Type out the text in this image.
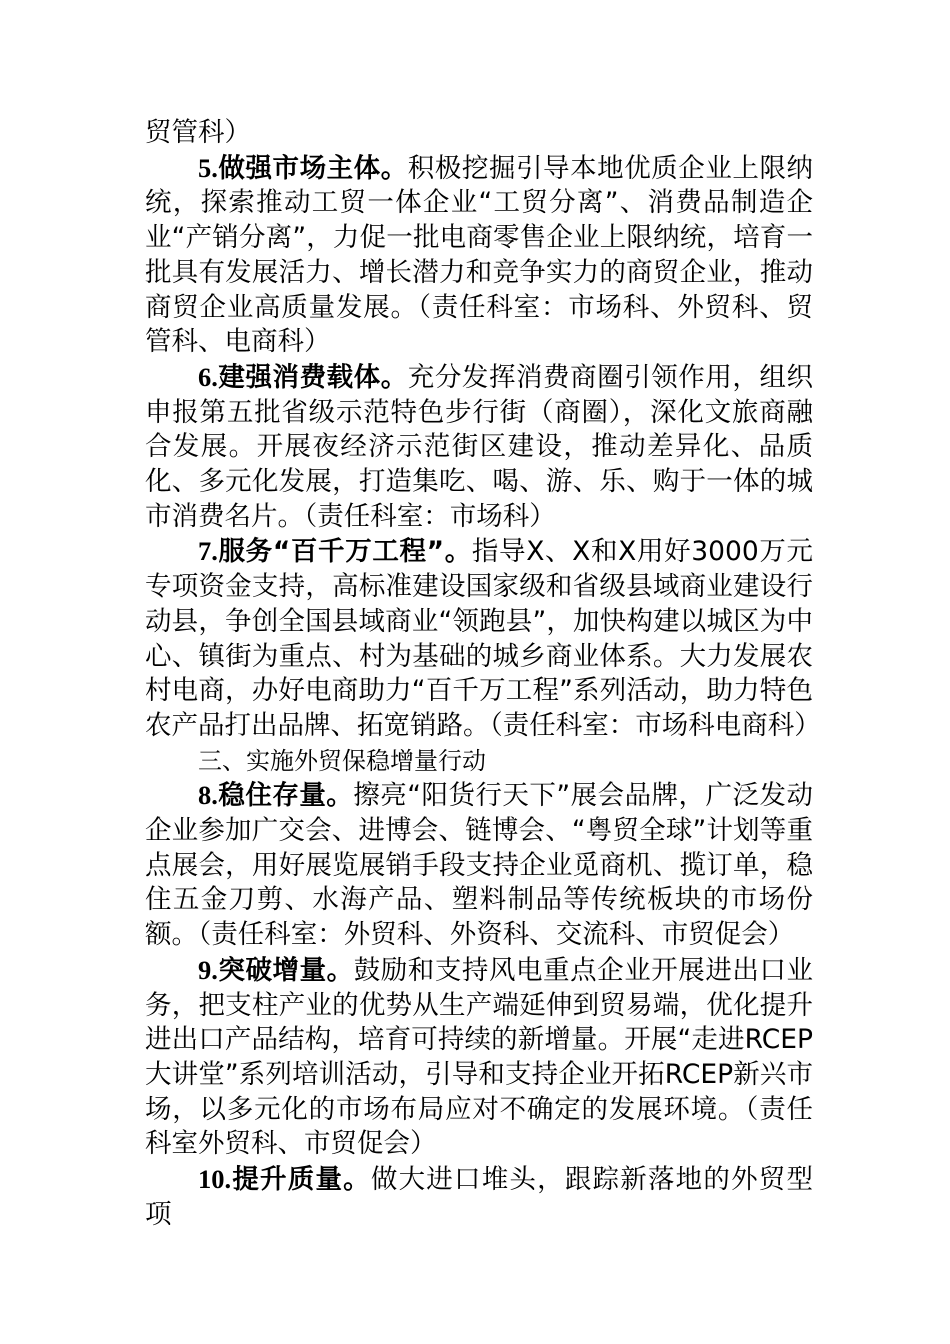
贸管科）

5.做强市场主体。积极挖掘引导本地优质企业上限纳统，探索推动工贸一体企业“工贸分离”、消费品制造企业“产销分离”，力促一批电商零售企业上限纳统，培育一批具有发展活力、增长潜力和竞争实力的商贸企业，推动商贸企业高质量发展。（责任科室：市场科、外贸科、贸管科、电商科）

6.建强消费载体。充分发挥消费商圈引领作用，组织申报第五批省级示范特色步行街（商圈），深化文旅商融合发展。开展夜经济示范街区建设，推动差异化、品质化、多元化发展，打造集吃、喝、游、乐、购于一体的城市消费名片。（责任科室：市场科）

7.服务“百千万工程”。指导X、X和X用好3000万元专项资金支持，高标准建设国家级和省级县域商业建设行动县，争创全国县域商业“领跑县”，加快构建以城区为中心、镇街为重点、村为基础的城乡商业体系。大力发展农村电商，办好电商助力“百千万工程”系列活动，助力特色农产品打出品牌、拓宽销路。（责任科室：市场科电商科）

三、实施外贸保稳增量行动

8.稳住存量。擦亮“阳货行天下”展会品牌，广泛发动企业参加广交会、进博会、链博会、“粤贸全球”计划等重点展会，用好展览展销手段支持企业觅商机、揽订单，稳住五金刀剪、水海产品、塑料制品等传统板块的市场份额。（责任科室：外贸科、外资科、交流科、市贸促会）

9.突破增量。鼓励和支持风电重点企业开展进出口业务，把支柱产业的优势从生产端延伸到贸易端，优化提升进出口产品结构，培育可持续的新增量。开展“走进RCEP大讲堂”系列培训活动，引导和支持企业开拓RCEP新兴市场，以多元化的市场布局应对不确定的发展环境。（责任科室外贸科、市贸促会）

10.提升质量。做大进口堆头，跟踪新落地的外贸型项
